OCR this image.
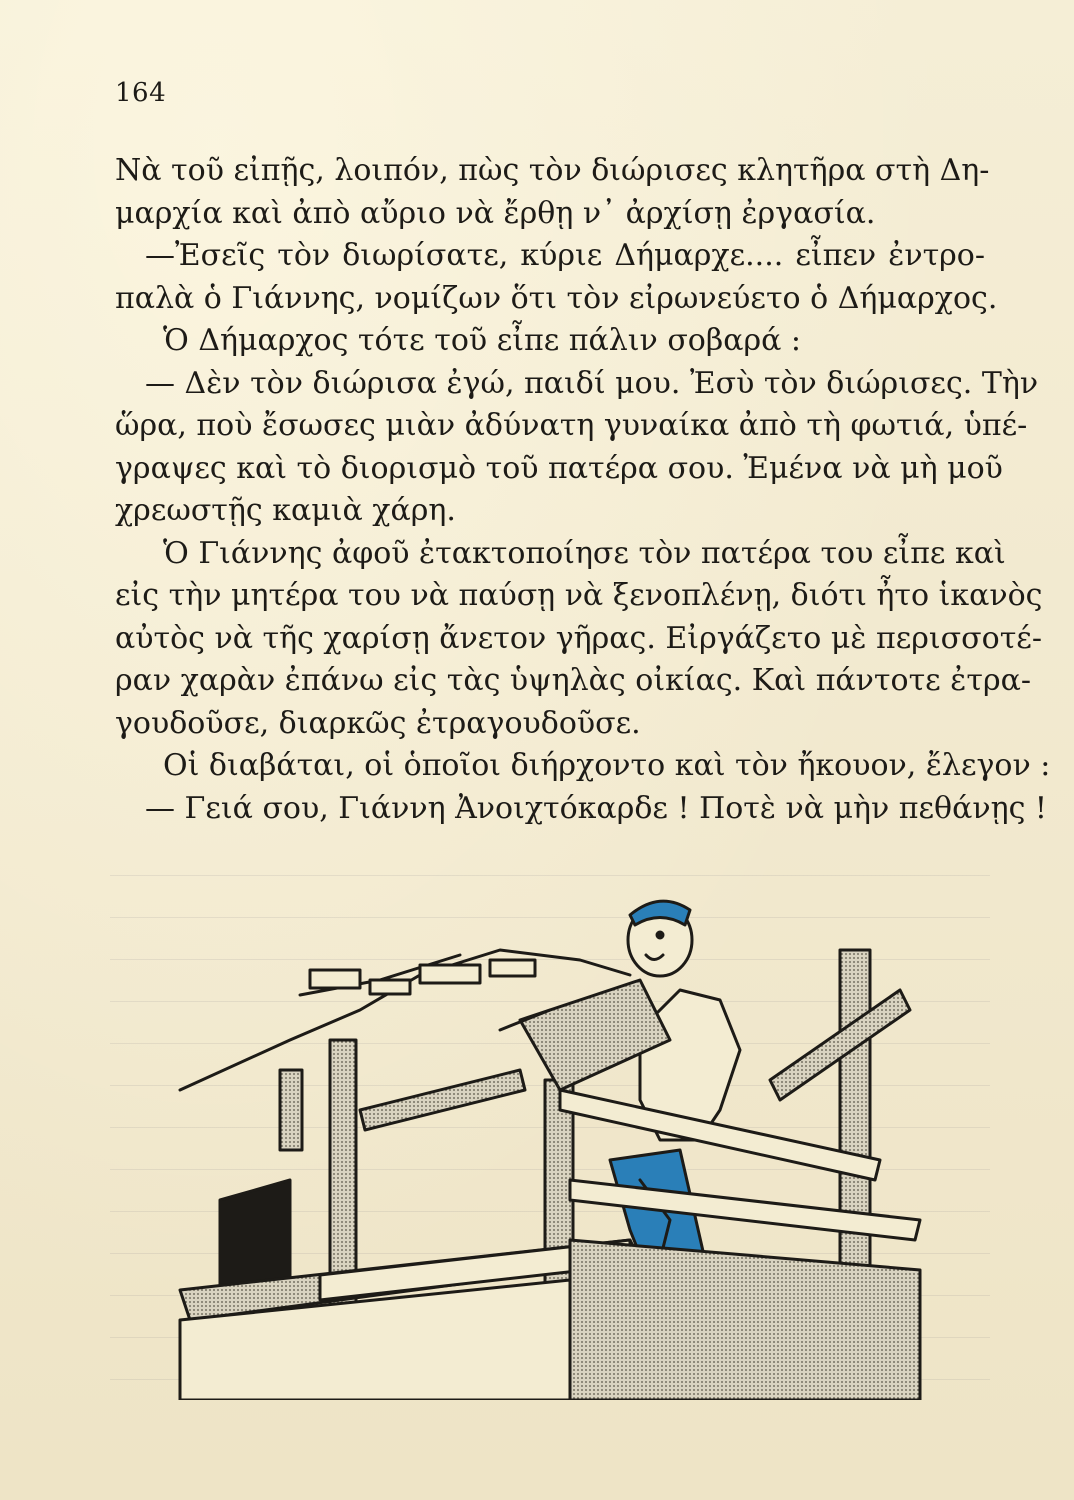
164

Νὰ τοῦ εἰπῇς, λοιπόν, πὼς τὸν διώρισες κλητῆρα στὴ Δη-
μαρχία καὶ ἀπὸ αὔριο νὰ ἔρθῃ ν᾽ ἀρχίσῃ ἐργασία.

—Ἐσεῖς τὸν διωρίσατε, κύριε Δήμαρχε.... εἶπεν ἐντρο-
παλὰ ὁ Γιάννης, νομίζων ὅτι τὸν εἰρωνεύετο ὁ Δήμαρχος.

Ὁ Δήμαρχος τότε τοῦ εἶπε πάλιν σοβαρά :

— Δὲν τὸν διώρισα ἐγώ, παιδί μου. Ἐσὺ τὸν διώρισες. Τὴν
ὥρα, ποὺ ἔσωσες μιὰν ἀδύνατη γυναίκα ἀπὸ τὴ φωτιά, ὑπέ-
γραψες καὶ τὸ διορισμὸ τοῦ πατέρα σου. Ἐμένα νὰ μὴ μοῦ
χρεωστῇς καμιὰ χάρη.

Ὁ Γιάννης ἀφοῦ ἐτακτοποίησε τὸν πατέρα του εἶπε καὶ
εἰς τὴν μητέρα του νὰ παύσῃ νὰ ξενοπλένῃ, διότι ἦτο ἱκανὸς
αὐτὸς νὰ τῆς χαρίσῃ ἄνετον γῆρας. Εἰργάζετο μὲ περισσοτέ-
ραν χαρὰν ἐπάνω εἰς τὰς ὑψηλὰς οἰκίας. Καὶ πάντοτε ἐτρα-
γουδοῦσε, διαρκῶς ἐτραγουδοῦσε.

Οἱ διαβάται, οἱ ὁποῖοι διήρχοντο καὶ τὸν ἤκουον, ἔλεγον :
— Γειά σου, Γιάννη Ἀνοιχτόκαρδε ! Ποτὲ νὰ μὴν πεθάνῃς !
